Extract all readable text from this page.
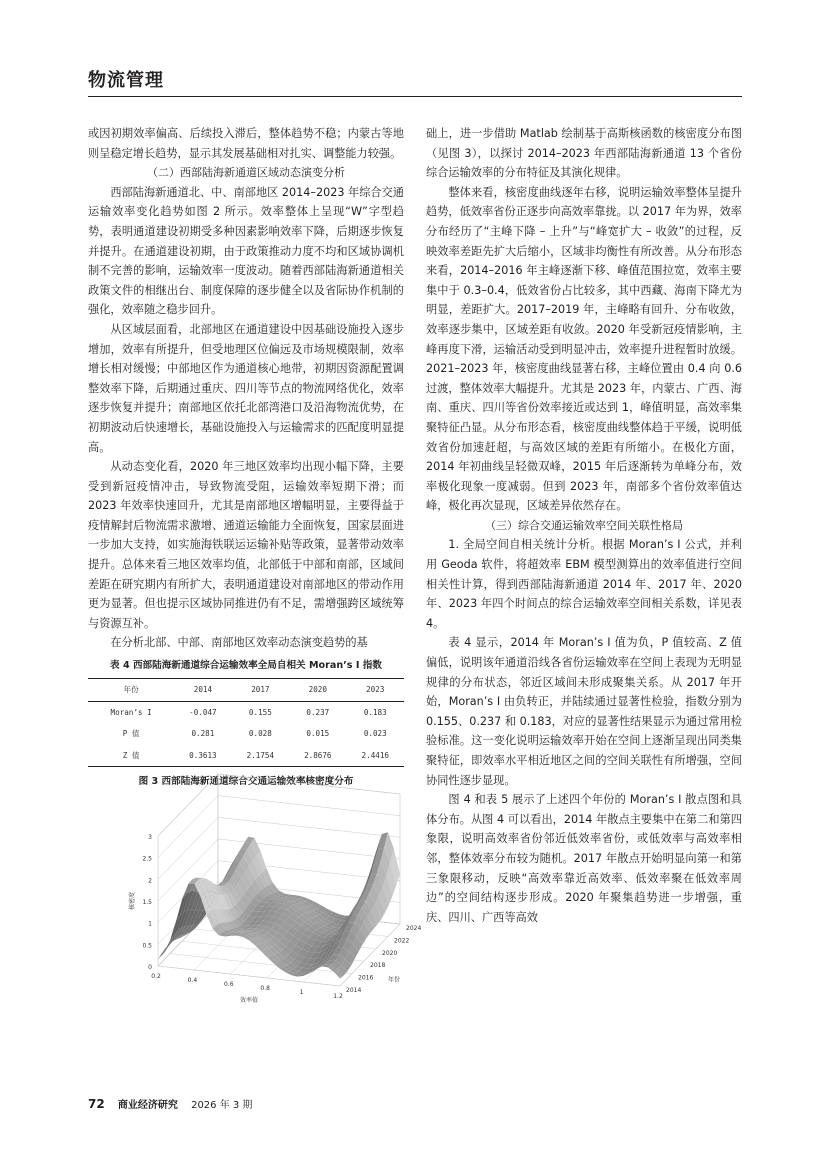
物流管理

或因初期效率偏高、后续投入滞后，整体趋势不稳；内蒙古等地则呈稳定增长趋势，显示其发展基础相对扎实、调整能力较强。

（二）西部陆海新通道区域动态演变分析

西部陆海新通道北、中、南部地区 2014–2023 年综合交通运输效率变化趋势如图 2 所示。效率整体上呈现“W”字型趋势，表明通道建设初期受多种因素影响效率下降，后期逐步恢复并提升。在通道建设初期，由于政策推动力度不均和区域协调机制不完善的影响，运输效率一度波动。随着西部陆海新通道相关政策文件的相继出台、制度保障的逐步健全以及省际协作机制的强化，效率随之稳步回升。

从区域层面看，北部地区在通道建设中因基础设施投入逐步增加，效率有所提升，但受地理区位偏远及市场规模限制，效率增长相对缓慢；中部地区作为通道核心地带，初期因资源配置调整效率下降，后期通过重庆、四川等节点的物流网络优化，效率逐步恢复并提升；南部地区依托北部湾港口及沿海物流优势，在初期波动后快速增长，基础设施投入与运输需求的匹配度明显提高。

从动态变化看，2020 年三地区效率均出现小幅下降，主要受到新冠疫情冲击，导致物流受阻，运输效率短期下滑；而 2023 年效率快速回升，尤其是南部地区增幅明显，主要得益于疫情解封后物流需求激增、通道运输能力全面恢复，国家层面进一步加大支持，如实施海铁联运运输补贴等政策，显著带动效率提升。总体来看三地区效率均值，北部低于中部和南部，区域间差距在研究期内有所扩大，表明通道建设对南部地区的带动作用更为显著。但也提示区域协同推进仍有不足，需增强跨区域统筹与资源互补。

在分析北部、中部、南部地区效率动态演变趋势的基

表 4 西部陆海新通道综合运输效率全局自相关 Moran’s I 指数
年份	2014	2017	2020	2023
Moran’s I	-0.047	0.155	0.237	0.183
P 值	0.281	0.028	0.015	0.023
Z 值	0.3613	2.1754	2.8676	2.4416
图 3 西部陆海新通道综合交通运输效率核密度分布
0
0.5
1
1.5
2
2.5
3
0.2
0.4
0.6
0.8
1
1.2
2014
2016
2018
2020
2022
2024
核密度
效率值
年份

础上，进一步借助 Matlab 绘制基于高斯核函数的核密度分布图（见图 3），以探讨 2014–2023 年西部陆海新通道 13 个省份综合运输效率的分布特征及其演化规律。

整体来看，核密度曲线逐年右移，说明运输效率整体呈提升趋势，低效率省份正逐步向高效率靠拢。以 2017 年为界，效率分布经历了“主峰下降 – 上升”与“峰宽扩大 – 收敛”的过程，反映效率差距先扩大后缩小，区域非均衡性有所改善。从分布形态来看，2014–2016 年主峰逐渐下移、峰值范围拉宽，效率主要集中于 0.3–0.4，低效省份占比较多，其中西藏、海南下降尤为明显，差距扩大。2017–2019 年，主峰略有回升、分布收敛，效率逐步集中，区域差距有收敛。2020 年受新冠疫情影响，主峰再度下滑，运输活动受到明显冲击，效率提升进程暂时放缓。2021–2023 年，核密度曲线显著右移，主峰位置由 0.4 向 0.6 过渡，整体效率大幅提升。尤其是 2023 年，内蒙古、广西、海南、重庆、四川等省份效率接近或达到 1，峰值明显，高效率集聚特征凸显。从分布形态看，核密度曲线整体趋于平缓，说明低效省份加速赶超，与高效区域的差距有所缩小。在极化方面，2014 年初曲线呈轻微双峰，2015 年后逐渐转为单峰分布，效率极化现象一度减弱。但到 2023 年，南部多个省份效率值达峰，极化再次显现，区域差异依然存在。

（三）综合交通运输效率空间关联性格局

1. 全局空间自相关统计分析。根据 Moran’s I 公式，并利用 Geoda 软件，将超效率 EBM 模型测算出的效率值进行空间相关性计算，得到西部陆海新通道 2014 年、2017 年、2020 年、2023 年四个时间点的综合运输效率空间相关系数，详见表 4。

表 4 显示，2014 年 Moran’s I 值为负，P 值较高、Z 值偏低，说明该年通道沿线各省份运输效率在空间上表现为无明显规律的分布状态，邻近区域间未形成聚集关系。从 2017 年开始，Moran’s I 由负转正，并陆续通过显著性检验，指数分别为 0.155、0.237 和 0.183，对应的显著性结果显示为通过常用检验标准。这一变化说明运输效率开始在空间上逐渐呈现出同类集聚特征，即效率水平相近地区之间的空间关联性有所增强，空间协同性逐步显现。

图 4 和表 5 展示了上述四个年份的 Moran’s I 散点图和具体分布。从图 4 可以看出，2014 年散点主要集中在第二和第四象限，说明高效率省份邻近低效率省份，或低效率与高效率相邻，整体效率分布较为随机。2017 年散点开始明显向第一和第三象限移动，反映“高效率靠近高效率、低效率聚在低效率周边”的空间结构逐步形成。2020 年聚集趋势进一步增强，重庆、四川、广西等高效

72 商业经济研究 2026 年 3 期
